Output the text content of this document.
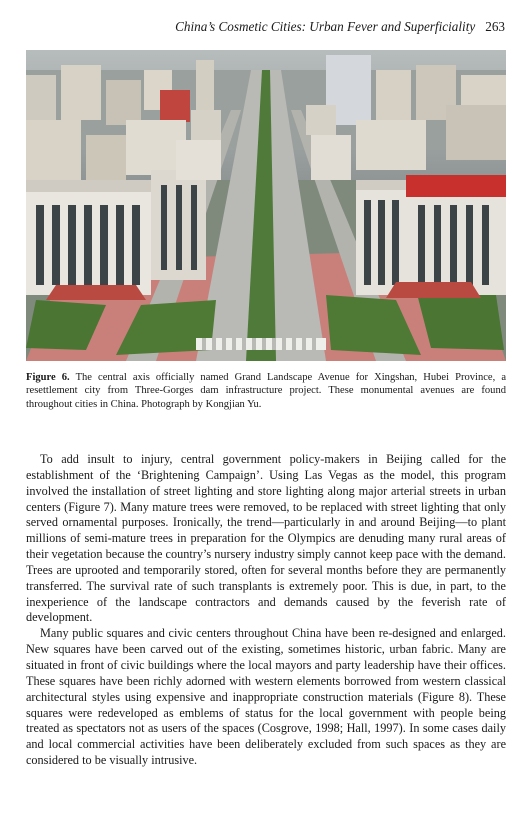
China’s Cosmetic Cities: Urban Fever and Superficiality 263
Figure 6. The central axis officially named Grand Landscape Avenue for Xingshan, Hubei Province, a resettlement city from Three-Gorges dam infrastructure project. These monumental avenues are found throughout cities in China. Photograph by Kongjian Yu.

To add insult to injury, central government policy-makers in Beijing called for the establishment of the ‘Brightening Campaign’. Using Las Vegas as the model, this program involved the installation of street lighting and store lighting along major arterial streets in urban centers (Figure 7). Many mature trees were removed, to be replaced with street lighting that only served ornamental purposes. Ironically, the trend—particularly in and around Beijing—to plant millions of semi-mature trees in preparation for the Olympics are denuding many rural areas of their vegetation because the country’s nursery industry simply cannot keep pace with the demand. Trees are uprooted and temporarily stored, often for several months before they are permanently transferred. The survival rate of such transplants is extremely poor. This is due, in part, to the inexperience of the landscape contractors and demands caused by the feverish rate of development.

Many public squares and civic centers throughout China have been re-designed and enlarged. New squares have been carved out of the existing, sometimes historic, urban fabric. Many are situated in front of civic buildings where the local mayors and party leadership have their offices. These squares have been richly adorned with western elements borrowed from western classical architectural styles using expensive and inappropriate construction materials (Figure 8). These squares were redeveloped as emblems of status for the local government with people being treated as spectators not as users of the spaces (Cosgrove, 1998; Hall, 1997). In some cases daily and local commercial activities have been deliberately excluded from such spaces as they are considered to be visually intrusive.
